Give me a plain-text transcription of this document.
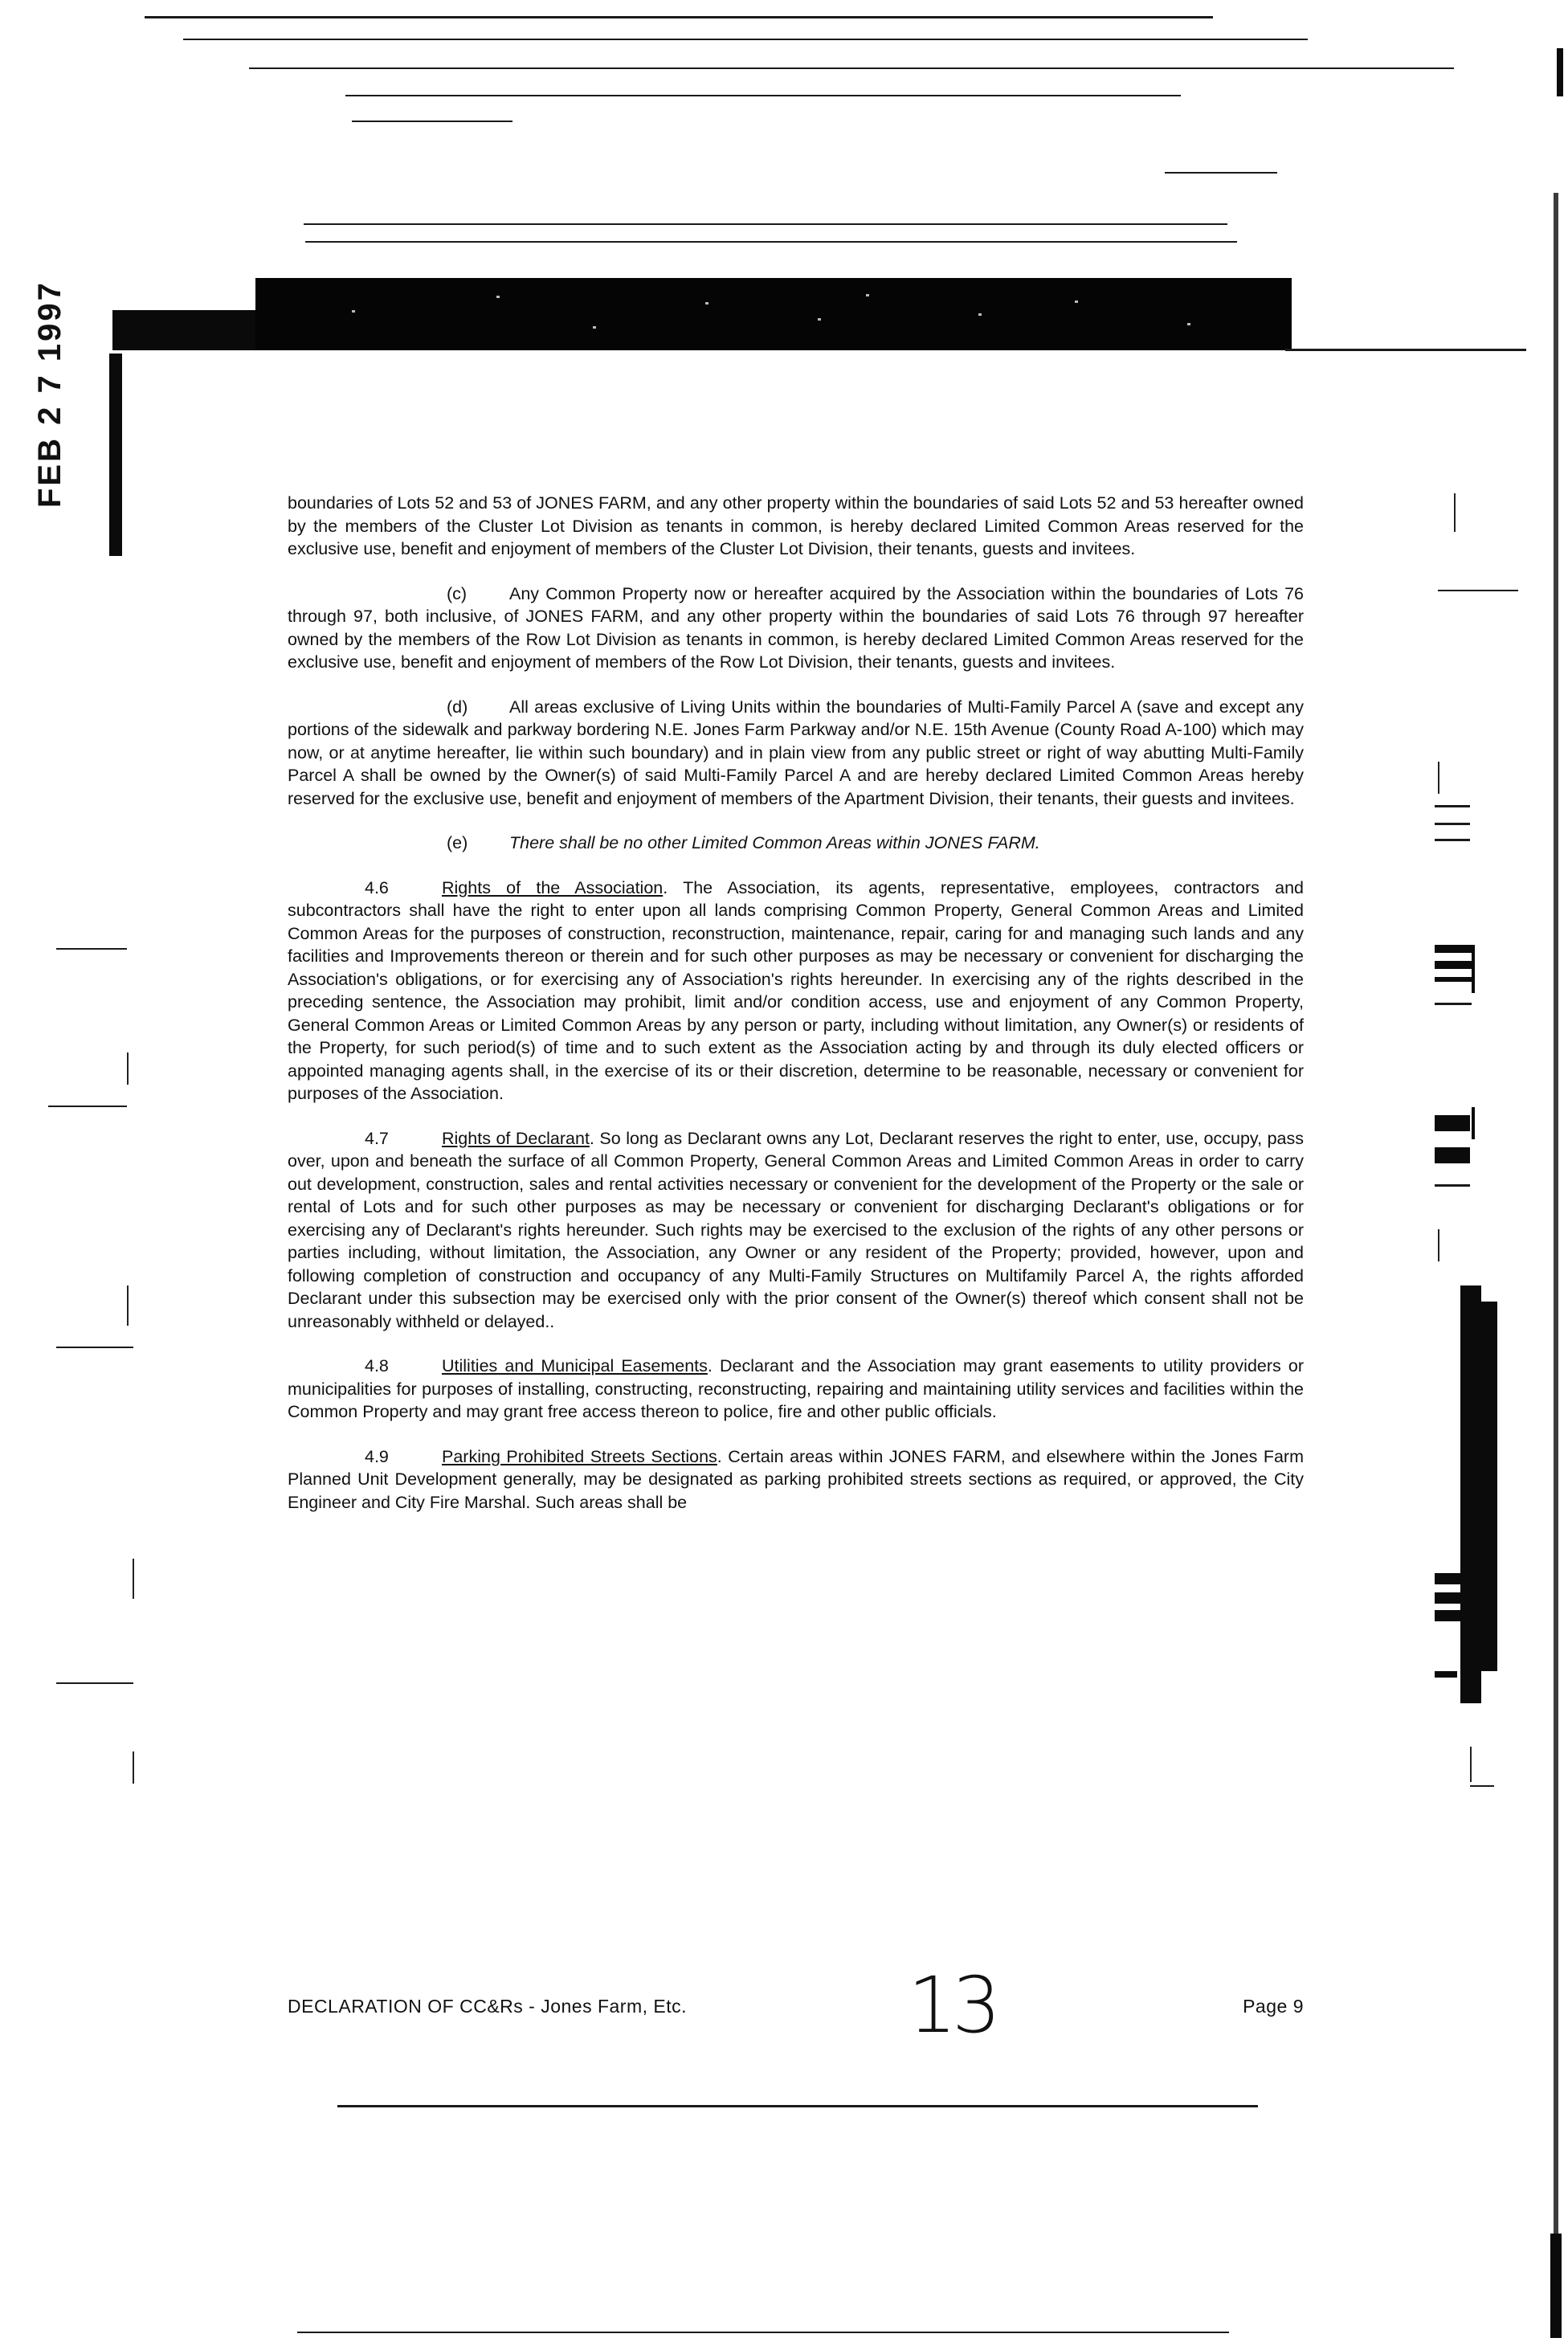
FEB 2 7 1997	boundaries of Lots 52 and 53 of JONES FARM, and any other property within the boundaries of said Lots 52 and 53 hereafter owned by the members of the Cluster Lot Division as tenants in common, is hereby declared Limited Common Areas reserved for the exclusive use, benefit and enjoyment of members of the Cluster Lot Division, their tenants, guests and invitees.

(c) Any Common Property now or hereafter acquired by the Association within the boundaries of Lots 76 through 97, both inclusive, of JONES FARM, and any other property within the boundaries of said Lots 76 through 97 hereafter owned by the members of the Row Lot Division as tenants in common, is hereby declared Limited Common Areas reserved for the exclusive use, benefit and enjoyment of members of the Row Lot Division, their tenants, guests and invitees.

(d) All areas exclusive of Living Units within the boundaries of Multi-Family Parcel A (save and except any portions of the sidewalk and parkway bordering N.E. Jones Farm Parkway and/or N.E. 15th Avenue (County Road A-100) which may now, or at anytime hereafter, lie within such boundary) and in plain view from any public street or right of way abutting Multi-Family Parcel A shall be owned by the Owner(s) of said Multi-Family Parcel A and are hereby declared Limited Common Areas hereby reserved for the exclusive use, benefit and enjoyment of members of the Apartment Division, their tenants, their guests and invitees.

(e) There shall be no other Limited Common Areas within JONES FARM.

4.6	Rights of the Association. The Association, its agents, representative, employees, contractors and subcontractors shall have the right to enter upon all lands comprising Common Property, General Common Areas and Limited Common Areas for the purposes of construction, reconstruction, maintenance, repair, caring for and managing such lands and any facilities and Improvements thereon or therein and for such other purposes as may be necessary or convenient for discharging the Association's obligations, or for exercising any of Association's rights hereunder. In exercising any of the rights described in the preceding sentence, the Association may prohibit, limit and/or condition access, use and enjoyment of any Common Property, General Common Areas or Limited Common Areas by any person or party, including without limitation, any Owner(s) or residents of the Property, for such period(s) of time and to such extent as the Association acting by and through its duly elected officers or appointed managing agents shall, in the exercise of its or their discretion, determine to be reasonable, necessary or convenient for purposes of the Association.

4.7	Rights of Declarant. So long as Declarant owns any Lot, Declarant reserves the right to enter, use, occupy, pass over, upon and beneath the surface of all Common Property, General Common Areas and Limited Common Areas in order to carry out development, construction, sales and rental activities necessary or convenient for the development of the Property or the sale or rental of Lots and for such other purposes as may be necessary or convenient for discharging Declarant's obligations or for exercising any of Declarant's rights hereunder. Such rights may be exercised to the exclusion of the rights of any other persons or parties including, without limitation, the Association, any Owner or any resident of the Property; provided, however, upon and following completion of construction and occupancy of any Multi-Family Structures on Multifamily Parcel A, the rights afforded Declarant under this subsection may be exercised only with the prior consent of the Owner(s) thereof which consent shall not be unreasonably withheld or delayed..

4.8	Utilities and Municipal Easements. Declarant and the Association may grant easements to utility providers or municipalities for purposes of installing, constructing, reconstructing, repairing and maintaining utility services and facilities within the Common Property and may grant free access thereon to police, fire and other public officials.

4.9	Parking Prohibited Streets Sections. Certain areas within JONES FARM, and elsewhere within the Jones Farm Planned Unit Development generally, may be designated as parking prohibited streets sections as required, or approved, the City Engineer and City Fire Marshal. Such areas shall be

DECLARATION OF CC&Rs - Jones Farm, Etc.	Page 9
13
